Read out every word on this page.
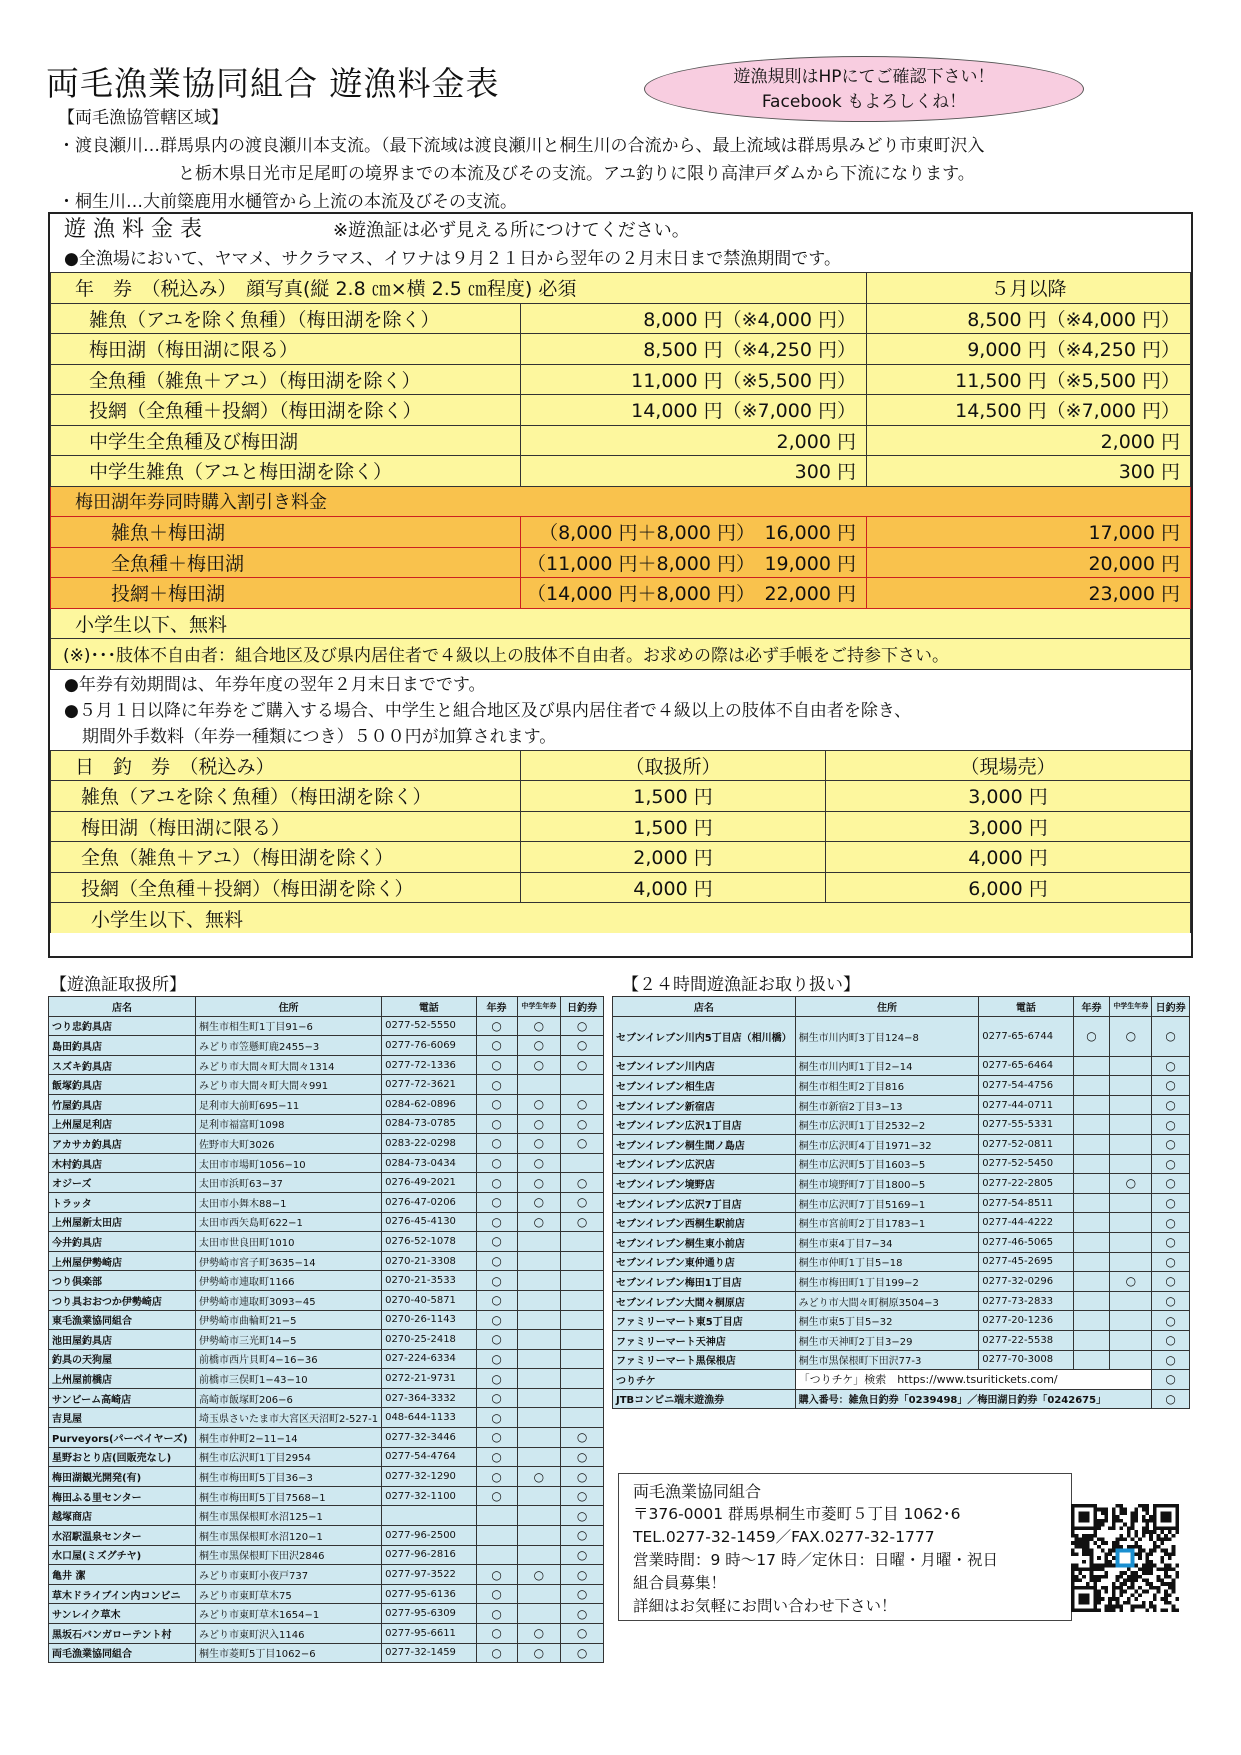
両毛漁業協同組合 遊漁料金表	遊漁規則はHPにてご確認下さい！
Facebook もよろしくね！
【両毛漁協管轄区域】
・渡良瀬川…群馬県内の渡良瀬川本支流。（最下流域は渡良瀬川と桐生川の合流から、最上流域は群馬県みどり市東町沢入
と栃木県日光市足尾町の境界までの本流及びその支流。アユ釣りに限り高津戸ダムから下流になります。
・桐生川…大前簗鹿用水樋管から上流の本流及びその支流。
遊 漁 料 金 表	※遊漁証は必ず見える所につけてください。
●全漁場において、ヤマメ、サクラマス、イワナは９月２１日から翌年の２月末日まで禁漁期間です。
年　券　（税込み）　顔写真(縦 2.8 ㎝×横 2.5 ㎝程度) 必須		５月以降
雑魚（アユを除く魚種）（梅田湖を除く）	8,000 円（※4,000 円）	8,500 円（※4,000 円）
梅田湖（梅田湖に限る）	8,500 円（※4,250 円）	9,000 円（※4,250 円）
全魚種（雑魚＋アユ）（梅田湖を除く）	11,000 円（※5,500 円）	11,500 円（※5,500 円）
投網（全魚種＋投網）（梅田湖を除く）	14,000 円（※7,000 円）	14,500 円（※7,000 円）
中学生全魚種及び梅田湖	2,000 円	2,000 円
中学生雑魚（アユと梅田湖を除く）	300 円	300 円
梅田湖年券同時購入割引き料金		
雑魚＋梅田湖	（8,000 円＋8,000 円）　16,000 円	17,000 円
全魚種＋梅田湖	（11,000 円＋8,000 円）　19,000 円	20,000 円
投網＋梅田湖	（14,000 円＋8,000 円）　22,000 円	23,000 円
小学生以下、無料		
(※)･･･肢体不自由者：組合地区及び県内居住者で４級以上の肢体不自由者。お求めの際は必ず手帳をご持参下さい。		
●年券有効期間は、年券年度の翌年２月末日までです。
●５月１日以降に年券をご購入する場合、中学生と組合地区及び県内居住者で４級以上の肢体不自由者を除き、
期間外手数料（年券一種類につき）５００円が加算されます。
日　釣　券　（税込み）	（取扱所）	（現場売）
雑魚（アユを除く魚種）（梅田湖を除く）	1,500 円	3,000 円
梅田湖（梅田湖に限る）	1,500 円	3,000 円
全魚（雑魚＋アユ）（梅田湖を除く）	2,000 円	4,000 円
投網（全魚種＋投網）（梅田湖を除く）	4,000 円	6,000 円
小学生以下、無料		
【遊漁証取扱所】	【２４時間遊漁証お取り扱い】
店名	住所	電話	年券	中学生年券	日釣券
つり忠釣具店	桐生市相生町1丁目91−6	0277-52-5550	○	○	○
島田釣具店	みどり市笠懸町鹿2455−3	0277-76-6069	○	○	○
スズキ釣具店	みどり市大間々町大間々1314	0277-72-1336	○	○	○
飯塚釣具店	みどり市大間々町大間々991	0277-72-3621	○		
竹屋釣具店	足利市大前町695−11	0284-62-0896	○	○	○
上州屋足利店	足利市福富町1098	0284-73-0785	○	○	○
アカサカ釣具店	佐野市大町3026	0283-22-0298	○	○	○
木村釣具店	太田市市場町1056−10	0284-73-0434	○	○	
オジーズ	太田市浜町63−37	0276-49-2021	○	○	○
トラッタ	太田市小舞木88−1	0276-47-0206	○	○	○
上州屋新太田店	太田市西矢島町622−1	0276-45-4130	○	○	○
今井釣具店	太田市世良田町1010	0276-52-1078	○		
上州屋伊勢崎店	伊勢崎市宮子町3635−14	0270-21-3308	○		
つり倶楽部	伊勢崎市連取町1166	0270-21-3533	○		
つり具おおつか伊勢崎店	伊勢崎市連取町3093−45	0270-40-5871	○		
東毛漁業協同組合	伊勢崎市曲輪町21−5	0270-26-1143	○		
池田屋釣具店	伊勢崎市三光町14−5	0270-25-2418	○		
釣具の天狗屋	前橋市西片貝町4−16−36	027-224-6334	○		
上州屋前橋店	前橋市三俣町1−43−10	0272-21-9731	○		
サンビーム高崎店	高崎市飯塚町206−6	027-364-3332	○		
吉見屋	埼玉県さいたま市大宮区天沼町2-527-1	048-644-1133	○		
Purveyors(パーベイヤーズ)	桐生市仲町2−11−14	0277-32-3446	○		○
星野おとり店(回販売なし)	桐生市広沢町1丁目2954	0277-54-4764	○		○
梅田湖観光開発(有)	桐生市梅田町5丁目36−3	0277-32-1290	○	○	○
梅田ふる里センター	桐生市梅田町5丁目7568−1	0277-32-1100	○		○
越塚商店	桐生市黒保根町水沼125−1				○
水沼駅温泉センター	桐生市黒保根町水沼120−1	0277-96-2500			○
水口屋(ミズグチヤ)	桐生市黒保根町下田沢2846	0277-96-2816			○
亀井 潔	みどり市東町小夜戸737	0277-97-3522	○	○	○
草木ドライブイン内コンビニ	みどり市東町草木75	0277-95-6136	○		○
サンレイク草木	みどり市東町草木1654−1	0277-95-6309	○		○
黒坂石バンガローテント村	みどり市東町沢入1146	0277-95-6611	○	○	○
両毛漁業協同組合	桐生市菱町5丁目1062−6	0277-32-1459	○	○	○
店名	住所	電話	年券	中学生年券	日釣券
セブンイレブン川内5丁目店（相川橋）	桐生市川内町3丁目124−8	0277-65-6744	○	○	○
セブンイレブン川内店	桐生市川内町1丁目2−14	0277-65-6464			○
セブンイレブン相生店	桐生市相生町2丁目816	0277-54-4756			○
セブンイレブン新宿店	桐生市新宿2丁目3−13	0277-44-0711			○
セブンイレブン広沢1丁目店	桐生市広沢町1丁目2532−2	0277-55-5331			○
セブンイレブン桐生間ノ島店	桐生市広沢町4丁目1971−32	0277-52-0811			○
セブンイレブン広沢店	桐生市広沢町5丁目1603−5	0277-52-5450			○
セブンイレブン境野店	桐生市境野町7丁目1800−5	0277-22-2805		○	○
セブンイレブン広沢7丁目店	桐生市広沢町7丁目5169−1	0277-54-8511			○
セブンイレブン西桐生駅前店	桐生市宮前町2丁目1783−1	0277-44-4222			○
セブンイレブン桐生東小前店	桐生市東4丁目7−34	0277-46-5065			○
セブンイレブン東仲通り店	桐生市仲町1丁目5−18	0277-45-2695			○
セブンイレブン梅田1丁目店	桐生市梅田町1丁目199−2	0277-32-0296		○	○
セブンイレブン大間々桐原店	みどり市大間々町桐原3504−3	0277-73-2833			○
ファミリーマート東5丁目店	桐生市東5丁目5−32	0277-20-1236			○
ファミリーマート天神店	桐生市天神町2丁目3−29	0277-22-5538			○
ファミリーマート黒保根店	桐生市黒保根町下田沢77-3	0277-70-3008			○
つりチケ	「つりチケ」検索　https://www.tsuritickets.com/				○
JTBコンビニ端末遊漁券	購入番号：雑魚日釣券「0239498」／梅田湖日釣券「0242675」				○
両毛漁業協同組合
〒376-0001 群馬県桐生市菱町５丁目 1062･6
TEL.0277‐32‐1459／FAX.0277‐32‐1777
営業時間：9 時～17 時／定休日：日曜・月曜・祝日
組合員募集！
詳細はお気軽にお問い合わせ下さい！
